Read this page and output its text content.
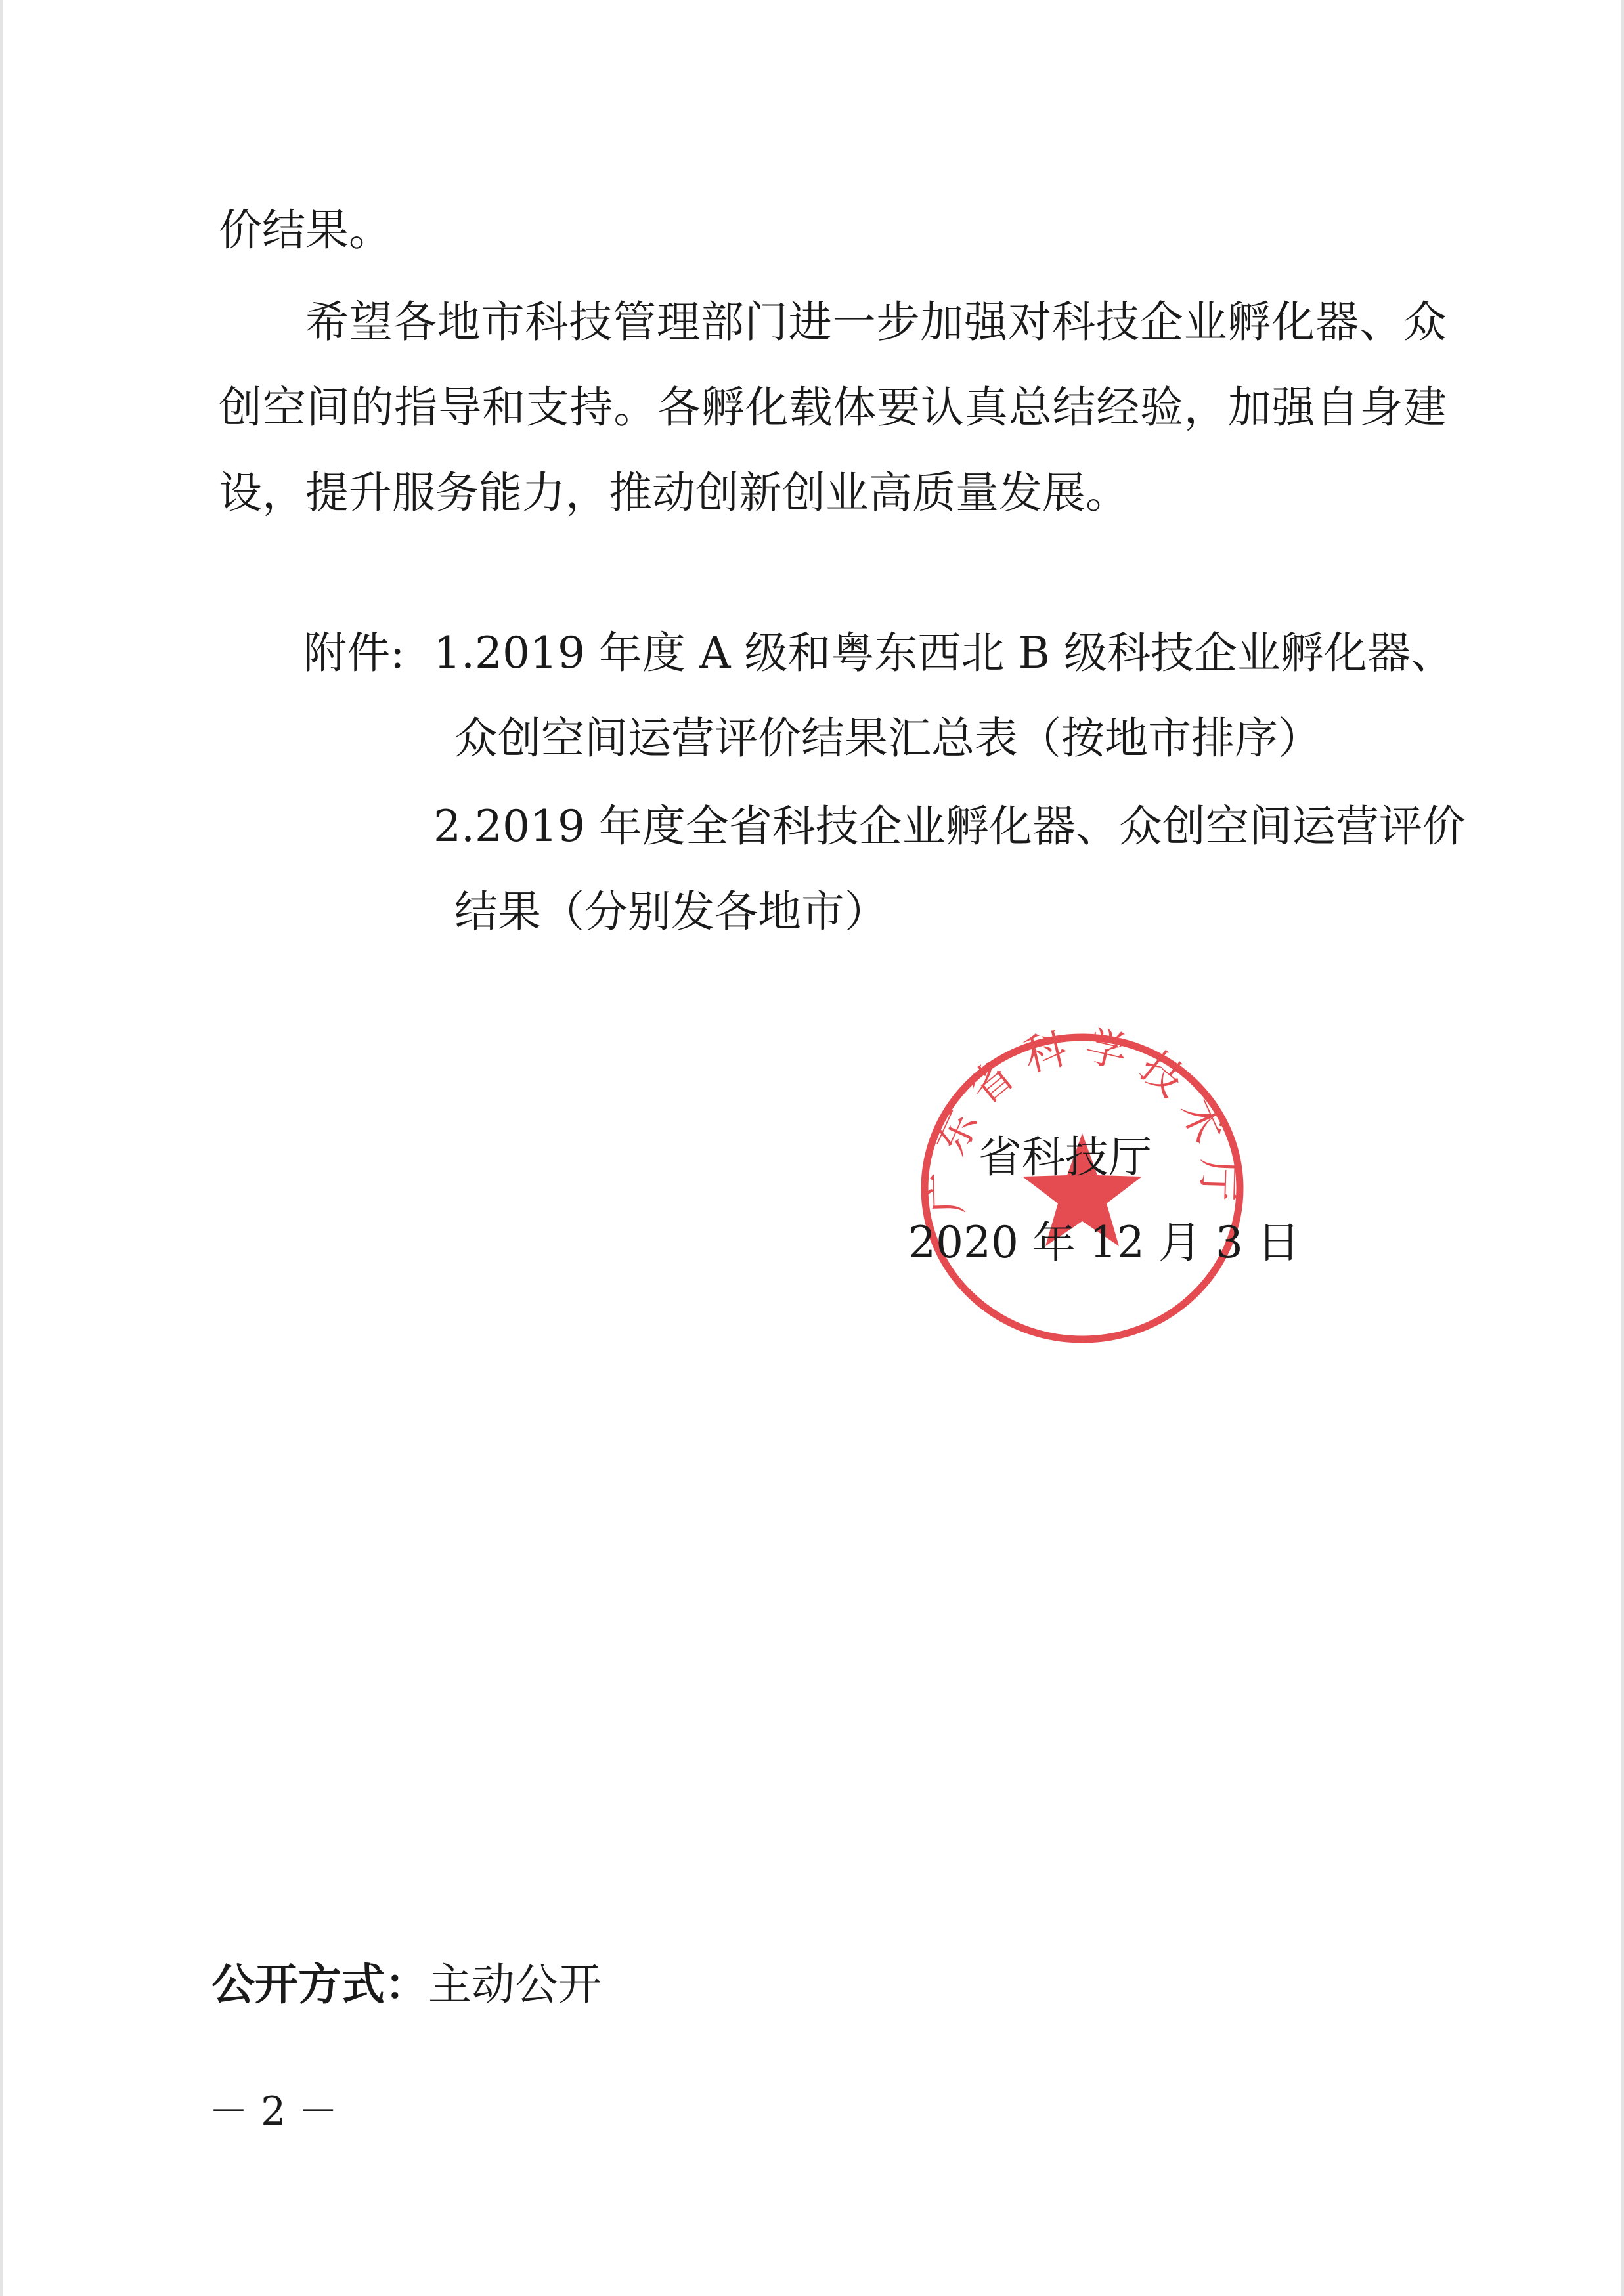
价结果。
希望各地市科技管理部门进一步加强对科技企业孵化器、众
创空间的指导和支持。各孵化载体要认真总结经验，加强自身建
设，提升服务能力，推动创新创业高质量发展。
附件: 1.2019 年度 A 级和粤东西北 B 级科技企业孵化器、
众创空间运营评价结果汇总表（按地市排序）
2.2019 年度全省科技企业孵化器、众创空间运营评价
结果（分别发各地市）
广东省科学技术厅
省科技厅
2020 年 12 月 3 日
公开方式：主动公开
－ 2 －
